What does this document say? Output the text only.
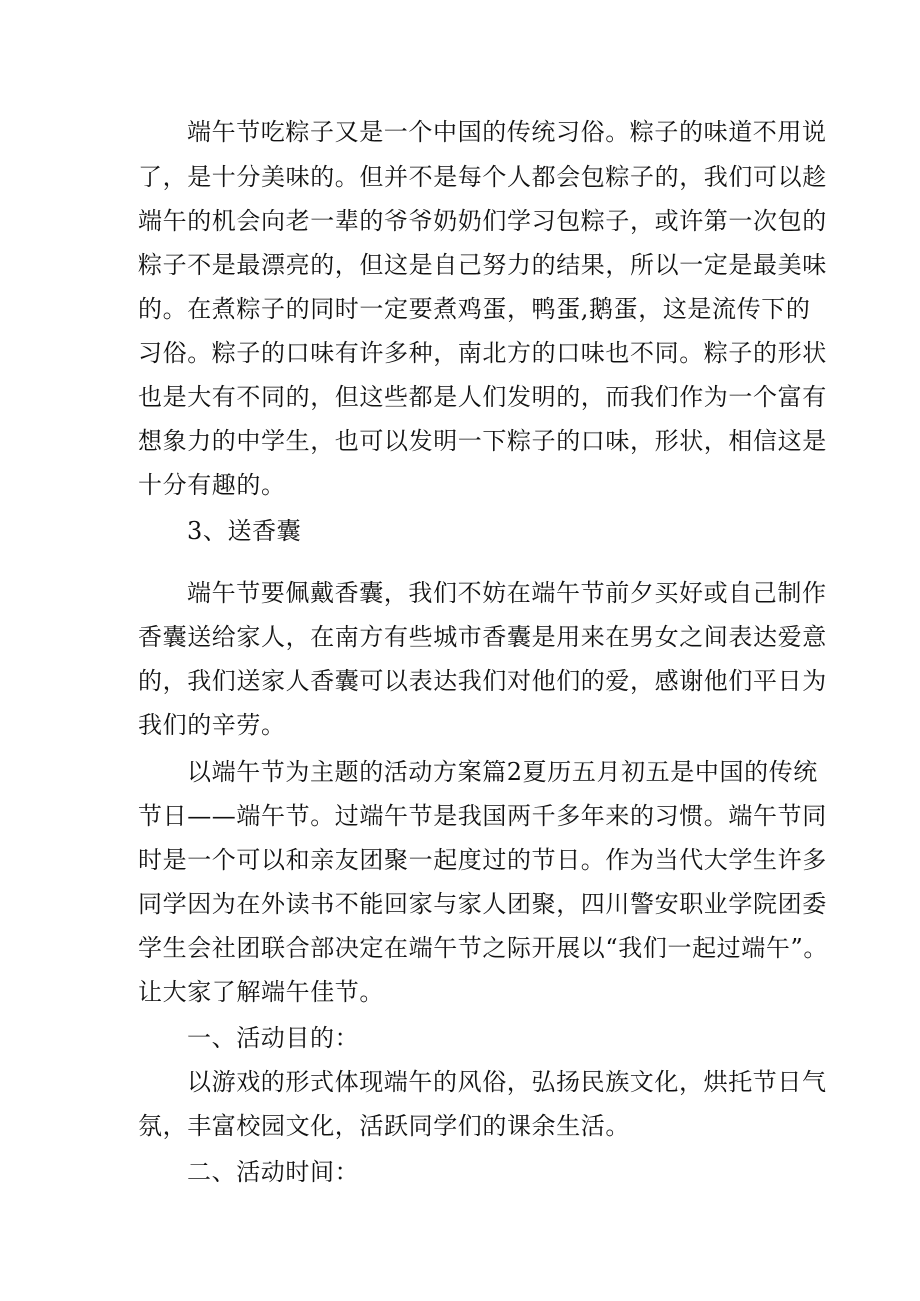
端午节吃粽子又是一个中国的传统习俗。粽子的味道不用说
了，是十分美味的。但并不是每个人都会包粽子的，我们可以趁
端午的机会向老一辈的爷爷奶奶们学习包粽子，或许第一次包的
粽子不是最漂亮的，但这是自己努力的结果，所以一定是最美味
的。在煮粽子的同时一定要煮鸡蛋，鸭蛋,鹅蛋，这是流传下的
习俗。粽子的口味有许多种，南北方的口味也不同。粽子的形状
也是大有不同的，但这些都是人们发明的，而我们作为一个富有
想象力的中学生，也可以发明一下粽子的口味，形状，相信这是
十分有趣的。
3、送香囊
端午节要佩戴香囊，我们不妨在端午节前夕买好或自己制作
香囊送给家人，在南方有些城市香囊是用来在男女之间表达爱意
的，我们送家人香囊可以表达我们对他们的爱，感谢他们平日为
我们的辛劳。
以端午节为主题的活动方案篇2夏历五月初五是中国的传统
节日——端午节。过端午节是我国两千多年来的习惯。端午节同
时是一个可以和亲友团聚一起度过的节日。作为当代大学生许多
同学因为在外读书不能回家与家人团聚，四川警安职业学院团委
学生会社团联合部决定在端午节之际开展以“我们一起过端午”。
让大家了解端午佳节。
一、活动目的：
以游戏的形式体现端午的风俗，弘扬民族文化，烘托节日气
氛，丰富校园文化，活跃同学们的课余生活。
二、活动时间：
